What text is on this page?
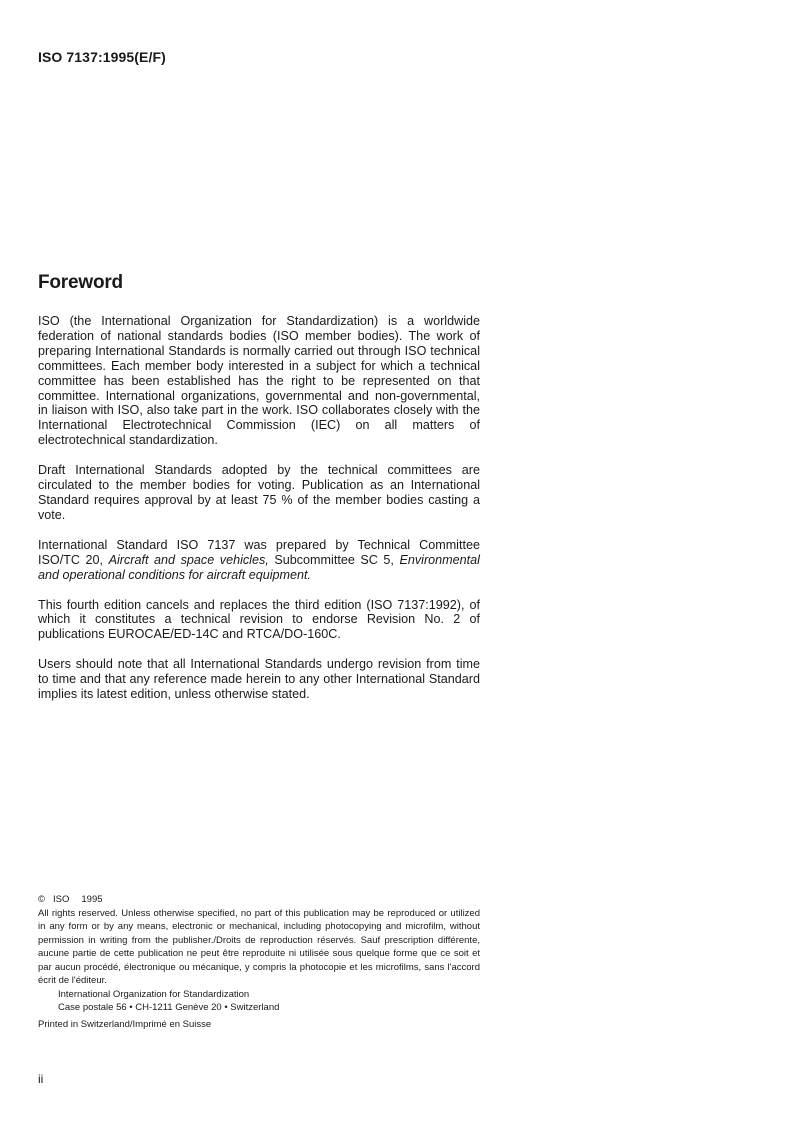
ISO 7137:1995(E/F)
Foreword

ISO (the International Organization for Standardization) is a worldwide federation of national standards bodies (ISO member bodies). The work of preparing International Standards is normally carried out through ISO technical committees. Each member body interested in a subject for which a technical committee has been established has the right to be represented on that committee. International organizations, governmental and non-governmental, in liaison with ISO, also take part in the work. ISO collaborates closely with the International Electrotechnical Commission (IEC) on all matters of electrotechnical standardization.

Draft International Standards adopted by the technical committees are circulated to the member bodies for voting. Publication as an International Standard requires approval by at least 75 % of the member bodies casting a vote.

International Standard ISO 7137 was prepared by Technical Committee ISO/TC 20, Aircraft and space vehicles, Subcommittee SC 5, Environmental and operational conditions for aircraft equipment.

This fourth edition cancels and replaces the third edition (ISO 7137:1992), of which it constitutes a technical revision to endorse Revision No. 2 of publications EUROCAE/ED-14C and RTCA/DO-160C.

Users should note that all International Standards undergo revision from time to time and that any reference made herein to any other International Standard implies its latest edition, unless otherwise stated.

© ISO 1995
All rights reserved. Unless otherwise specified, no part of this publication may be reproduced or utilized in any form or by any means, electronic or mechanical, including photocopying and microfilm, without permission in writing from the publisher./Droits de reproduction réservés. Sauf prescription différente, aucune partie de cette publication ne peut être reproduite ni utilisée sous quelque forme que ce soit et par aucun procédé, électronique ou mécanique, y compris la photocopie et les microfilms, sans l'accord écrit de l'éditeur.
International Organization for Standardization
Case postale 56 • CH-1211 Genève 20 • Switzerland
Printed in Switzerland/Imprimé en Suisse
ii
